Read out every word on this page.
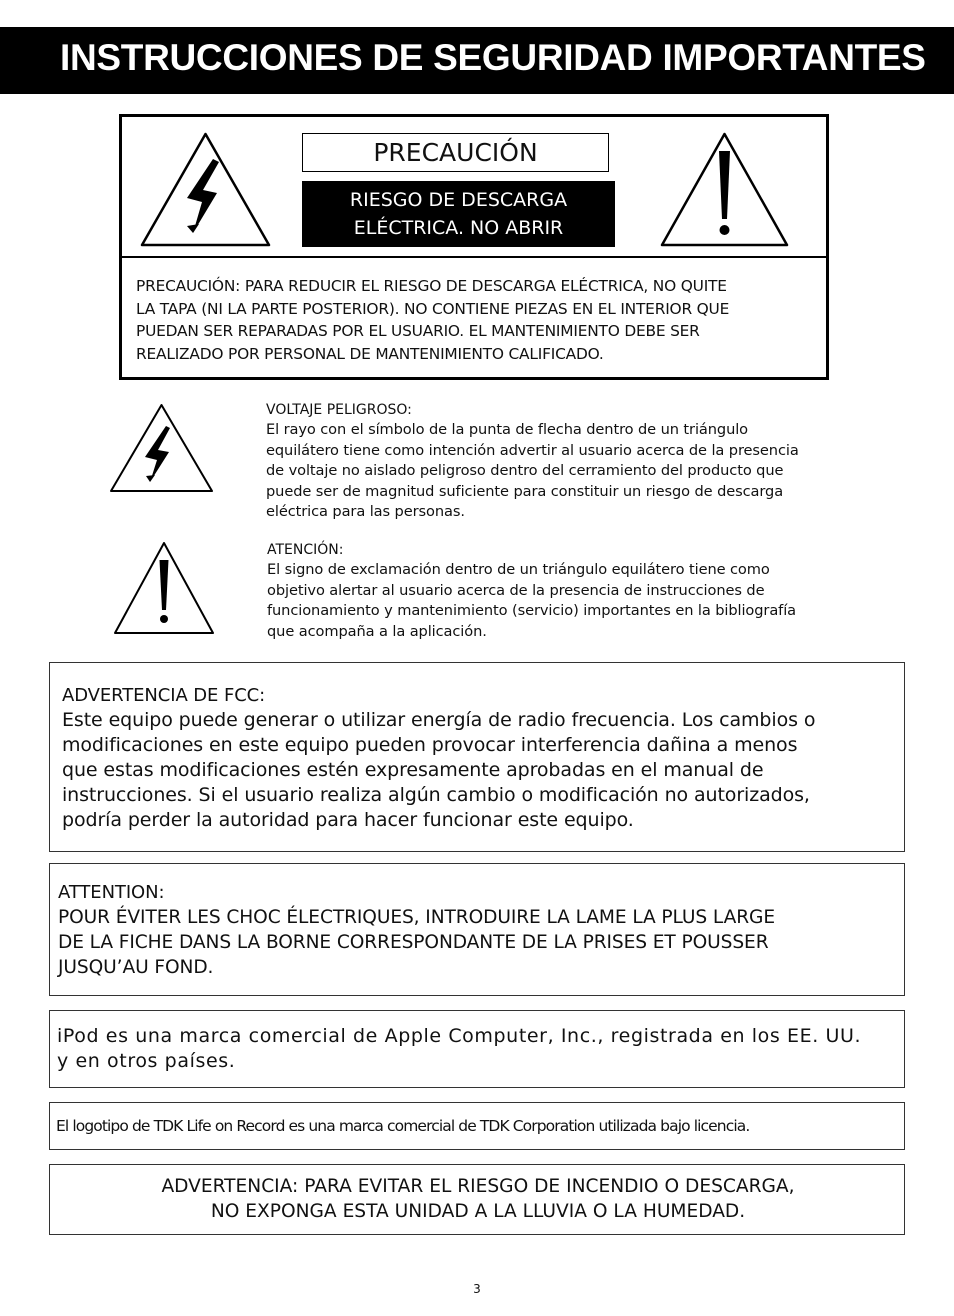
INSTRUCCIONES DE SEGURIDAD IMPORTANTES
PRECAUCIÓN
RIESGO DE DESCARGA
ELÉCTRICA. NO ABRIR
PRECAUCIÓN: PARA REDUCIR EL RIESGO DE DESCARGA ELÉCTRICA, NO QUITE
LA TAPA (NI LA PARTE POSTERIOR). NO CONTIENE PIEZAS EN EL INTERIOR QUE
PUEDAN SER REPARADAS POR EL USUARIO. EL MANTENIMIENTO DEBE SER
REALIZADO POR PERSONAL DE MANTENIMIENTO CALIFICADO.
VOLTAJE PELIGROSO:
El rayo con el símbolo de la punta de flecha dentro de un triángulo
equilátero tiene como intención advertir al usuario acerca de la presencia
de voltaje no aislado peligroso dentro del cerramiento del producto que
puede ser de magnitud suficiente para constituir un riesgo de descarga
eléctrica para las personas.
ATENCIÓN:
El signo de exclamación dentro de un triángulo equilátero tiene como
objetivo alertar al usuario acerca de la presencia de instrucciones de
funcionamiento y mantenimiento (servicio) importantes en la bibliografía
que acompaña a la aplicación.
ADVERTENCIA DE FCC:
Este equipo puede generar o utilizar energía de radio frecuencia. Los cambios o
modificaciones en este equipo pueden provocar interferencia dañina a menos
que estas modificaciones estén expresamente aprobadas en el manual de
instrucciones. Si el usuario realiza algún cambio o modificación no autorizados,
podría perder la autoridad para hacer funcionar este equipo.
ATTENTION:
POUR ÉVITER LES CHOC ÉLECTRIQUES, INTRODUIRE LA LAME LA PLUS LARGE
DE LA FICHE DANS LA BORNE CORRESPONDANTE DE LA PRISES ET POUSSER
JUSQU’AU FOND.
iPod es una marca comercial de Apple Computer, Inc., registrada en los EE. UU.
y en otros países.
El logotipo de TDK Life on Record es una marca comercial de TDK Corporation utilizada bajo licencia.
ADVERTENCIA: PARA EVITAR EL RIESGO DE INCENDIO O DESCARGA,
NO EXPONGA ESTA UNIDAD A LA LLUVIA O LA HUMEDAD.
3
